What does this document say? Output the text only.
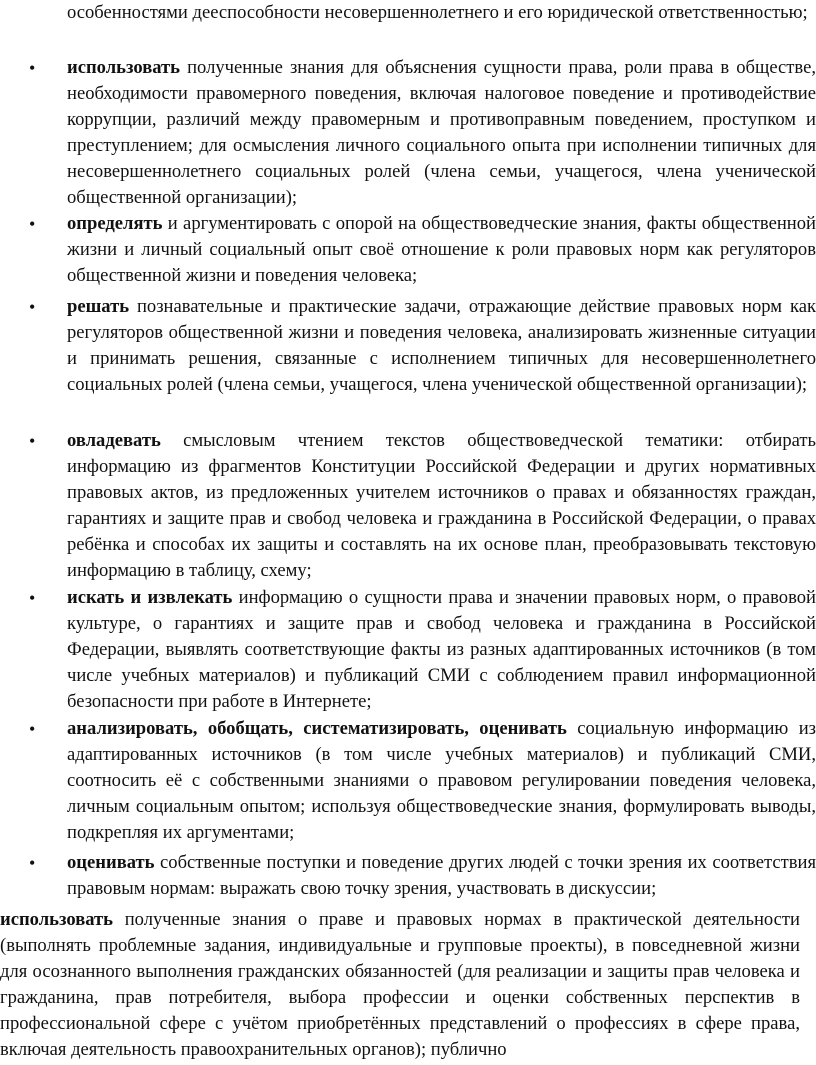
особенностями дееспособности несовершеннолетнего и его юридической ответственностью;
• использовать полученные знания для объяснения сущности права, роли права в обществе, необходимости правомерного поведения, включая налоговое поведение и противодействие коррупции, различий между правомерным и противоправным поведением, проступком и преступлением; для осмысления личного социального опыта при исполнении типичных для несовершеннолетнего социальных ролей (члена семьи, учащегося, члена ученической общественной организации);
• определять и аргументировать с опорой на обществоведческие знания, факты общественной жизни и личный социальный опыт своё отношение к роли правовых норм как регуляторов общественной жизни и поведения человека;
• решать познавательные и практические задачи, отражающие действие правовых норм как регуляторов общественной жизни и поведения человека, анализировать жизненные ситуации и принимать решения, связанные с исполнением типичных для несовершеннолетнего социальных ролей (члена семьи, учащегося, члена ученической общественной организации);
• овладевать смысловым чтением текстов обществоведческой тематики: отбирать информацию из фрагментов Конституции Российской Федерации и других нормативных правовых актов, из предложенных учителем источников о правах и обязанностях граждан, гарантиях и защите прав и свобод человека и гражданина в Российской Федерации, о правах ребёнка и способах их защиты и составлять на их основе план, преобразовывать текстовую информацию в таблицу, схему;
• искать и извлекать информацию о сущности права и значении правовых норм, о правовой культуре, о гарантиях и защите прав и свобод человека и гражданина в Российской Федерации, выявлять соответствующие факты из разных адаптированных источников (в том числе учебных материалов) и публикаций СМИ с соблюдением правил информационной безопасности при работе в Интернете;
• анализировать, обобщать, систематизировать, оценивать социальную информацию из адаптированных источников (в том числе учебных материалов) и публикаций СМИ, соотносить её с собственными знаниями о правовом регулировании поведения человека, личным социальным опытом; используя обществоведческие знания, формулировать выводы, подкрепляя их аргументами;
• оценивать собственные поступки и поведение других людей с точки зрения их соответствия правовым нормам: выражать свою точку зрения, участвовать в дискуссии;
использовать полученные знания о праве и правовых нормах в практической деятельности (выполнять проблемные задания, индивидуальные и групповые проекты), в повседневной жизни для осознанного выполнения гражданских обязанностей (для реализации и защиты прав человека и гражданина, прав потребителя, выбора профессии и оценки собственных перспектив в профессиональной сфере с учётом приобретённых представлений о профессиях в сфере права, включая деятельность правоохранительных органов); публично
